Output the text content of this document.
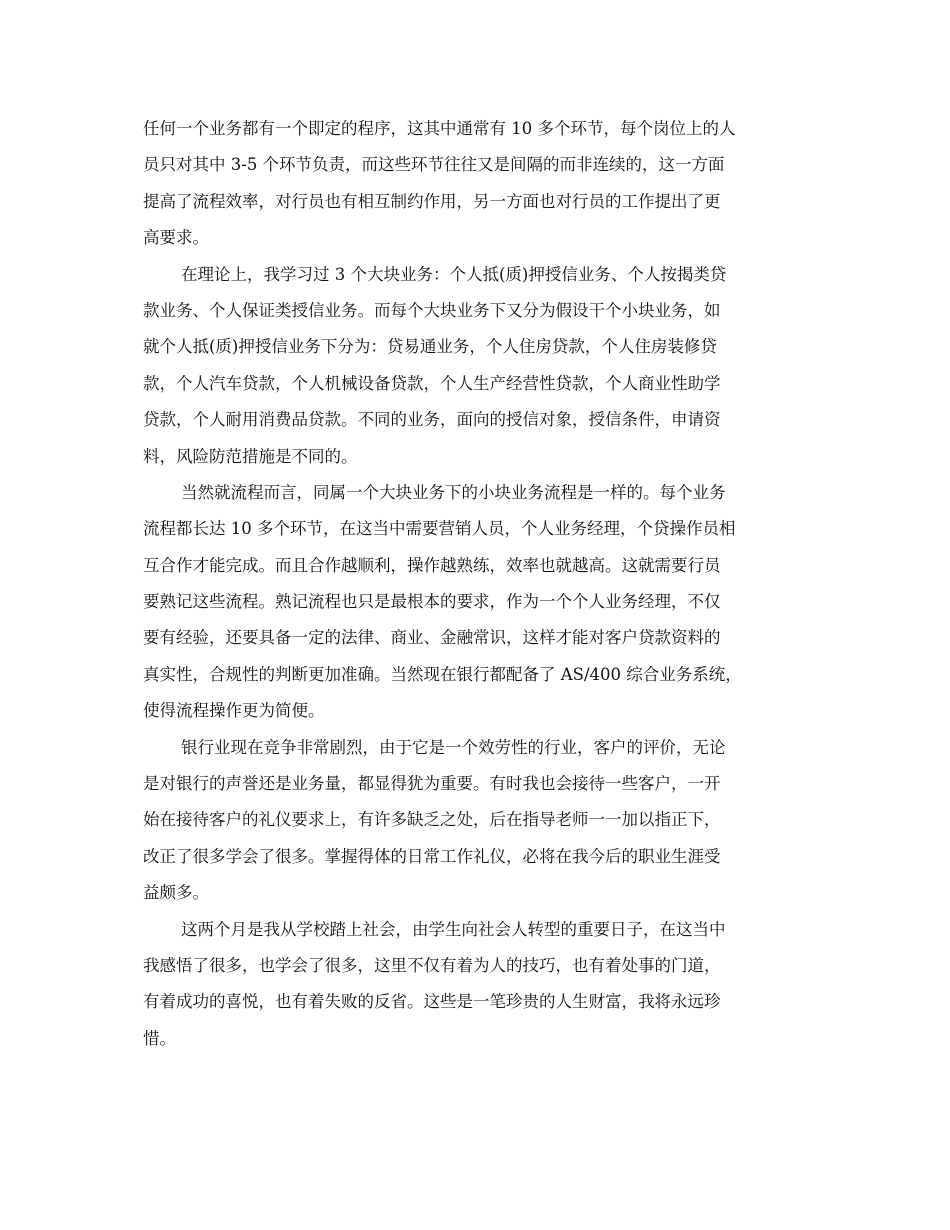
任何一个业务都有一个即定的程序，这其中通常有 10 多个环节，每个岗位上的人
员只对其中 3-5 个环节负责，而这些环节往往又是间隔的而非连续的，这一方面
提高了流程效率，对行员也有相互制约作用，另一方面也对行员的工作提出了更
高要求。
在理论上，我学习过 3 个大块业务：个人抵(质)押授信业务、个人按揭类贷
款业务、个人保证类授信业务。而每个大块业务下又分为假设干个小块业务，如
就个人抵(质)押授信业务下分为：贷易通业务，个人住房贷款，个人住房装修贷
款，个人汽车贷款，个人机械设备贷款，个人生产经营性贷款，个人商业性助学
贷款，个人耐用消费品贷款。不同的业务，面向的授信对象，授信条件，申请资
料，风险防范措施是不同的。
当然就流程而言，同属一个大块业务下的小块业务流程是一样的。每个业务
流程都长达 10 多个环节，在这当中需要营销人员，个人业务经理，个贷操作员相
互合作才能完成。而且合作越顺利，操作越熟练，效率也就越高。这就需要行员
要熟记这些流程。熟记流程也只是最根本的要求，作为一个个人业务经理，不仅
要有经验，还要具备一定的法律、商业、金融常识，这样才能对客户贷款资料的
真实性，合规性的判断更加准确。当然现在银行都配备了 AS/400 综合业务系统，
使得流程操作更为简便。
银行业现在竞争非常剧烈，由于它是一个效劳性的行业，客户的评价，无论
是对银行的声誉还是业务量，都显得犹为重要。有时我也会接待一些客户，一开
始在接待客户的礼仪要求上，有许多缺乏之处，后在指导老师一一加以指正下，
改正了很多学会了很多。掌握得体的日常工作礼仪，必将在我今后的职业生涯受
益颇多。
这两个月是我从学校踏上社会，由学生向社会人转型的重要日子，在这当中
我感悟了很多，也学会了很多，这里不仅有着为人的技巧，也有着处事的门道，
有着成功的喜悦，也有着失败的反省。这些是一笔珍贵的人生财富，我将永远珍
惜。
